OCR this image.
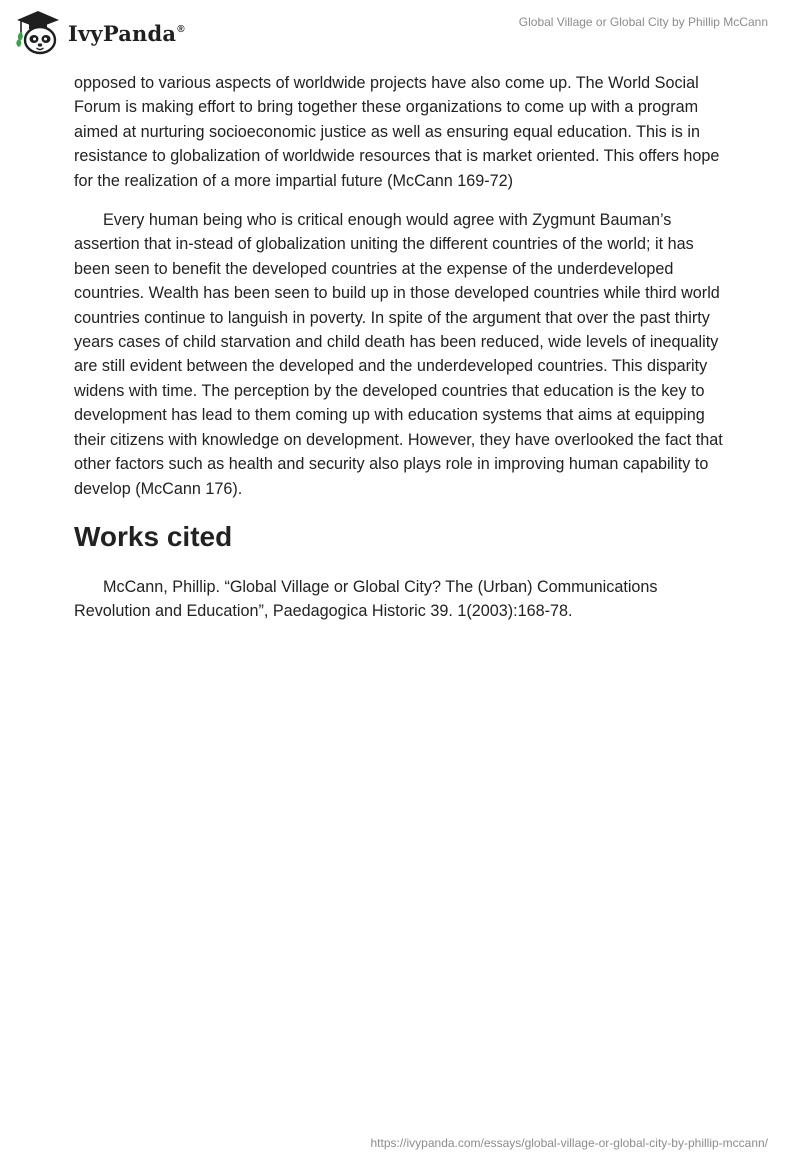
IvyPanda®	Global Village or Global City by Phillip McCann

opposed to various aspects of worldwide projects have also come up. The World Social Forum is making effort to bring together these organizations to come up with a program aimed at nurturing socioeconomic justice as well as ensuring equal education. This is in resistance to globalization of worldwide resources that is market oriented. This offers hope for the realization of a more impartial future (McCann 169-72)

Every human being who is critical enough would agree with Zygmunt Bauman’s assertion that in-stead of globalization uniting the different countries of the world; it has been seen to benefit the developed countries at the expense of the underdeveloped countries. Wealth has been seen to build up in those developed countries while third world countries continue to languish in poverty. In spite of the argument that over the past thirty years cases of child starvation and child death has been reduced, wide levels of inequality are still evident between the developed and the underdeveloped countries. This disparity widens with time. The perception by the developed countries that education is the key to development has lead to them coming up with education systems that aims at equipping their citizens with knowledge on development. However, they have overlooked the fact that other factors such as health and security also plays role in improving human capability to develop (McCann 176).

Works cited

McCann, Phillip. “Global Village or Global City? The (Urban) Communications Revolution and Education”, Paedagogica Historic 39. 1(2003):168-78.

https://ivypanda.com/essays/global-village-or-global-city-by-phillip-mccann/
